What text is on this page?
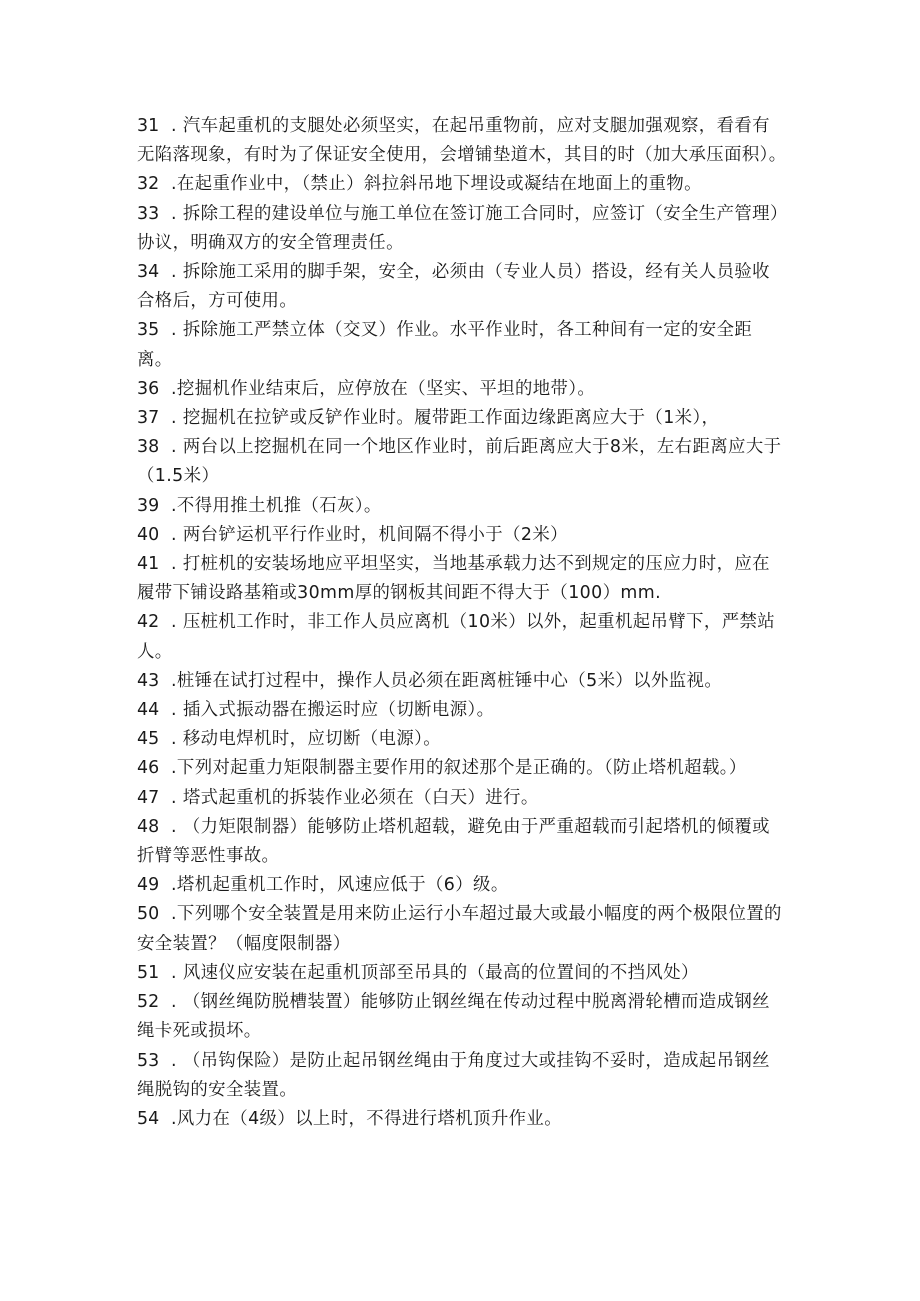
31 . 汽车起重机的支腿处必须坚实，在起吊重物前，应对支腿加强观察，看看有无陷落现象，有时为了保证安全使用，会增铺垫道木，其目的时（加大承压面积）。

32 .在起重作业中，（禁止）斜拉斜吊地下埋设或凝结在地面上的重物。

33 . 拆除工程的建设单位与施工单位在签订施工合同时，应签订（安全生产管理）协议，明确双方的安全管理责任。

34 . 拆除施工采用的脚手架，安全，必须由（专业人员）搭设，经有关人员验收合格后，方可使用。

35 . 拆除施工严禁立体（交叉）作业。水平作业时，各工种间有一定的安全距离。

36 .挖掘机作业结束后，应停放在（坚实、平坦的地带）。

37 . 挖掘机在拉铲或反铲作业时。履带距工作面边缘距离应大于（1米），

38 . 两台以上挖掘机在同一个地区作业时，前后距离应大于8米，左右距离应大于（1.5米）

39 .不得用推土机推（石灰）。

40 . 两台铲运机平行作业时，机间隔不得小于（2米）

41 . 打桩机的安装场地应平坦坚实，当地基承载力达不到规定的压应力时，应在履带下铺设路基箱或30mm厚的钢板其间距不得大于（100）mm.

42 . 压桩机工作时，非工作人员应离机（10米）以外，起重机起吊臂下，严禁站人。

43 .桩锤在试打过程中，操作人员必须在距离桩锤中心（5米）以外监视。

44 . 插入式振动器在搬运时应（切断电源）。

45 . 移动电焊机时，应切断（电源）。

46 .下列对起重力矩限制器主要作用的叙述那个是正确的。（防止塔机超载。）

47 . 塔式起重机的拆装作业必须在（白天）进行。

48 . （力矩限制器）能够防止塔机超载，避免由于严重超载而引起塔机的倾覆或折臂等恶性事故。

49 .塔机起重机工作时，风速应低于（6）级。

50 .下列哪个安全装置是用来防止运行小车超过最大或最小幅度的两个极限位置的安全装置？（幅度限制器）

51 . 风速仪应安装在起重机顶部至吊具的（最高的位置间的不挡风处）

52 . （钢丝绳防脱槽装置）能够防止钢丝绳在传动过程中脱离滑轮槽而造成钢丝绳卡死或损坏。

53 . （吊钩保险）是防止起吊钢丝绳由于角度过大或挂钩不妥时，造成起吊钢丝绳脱钩的安全装置。

54 .风力在（4级）以上时，不得进行塔机顶升作业。
